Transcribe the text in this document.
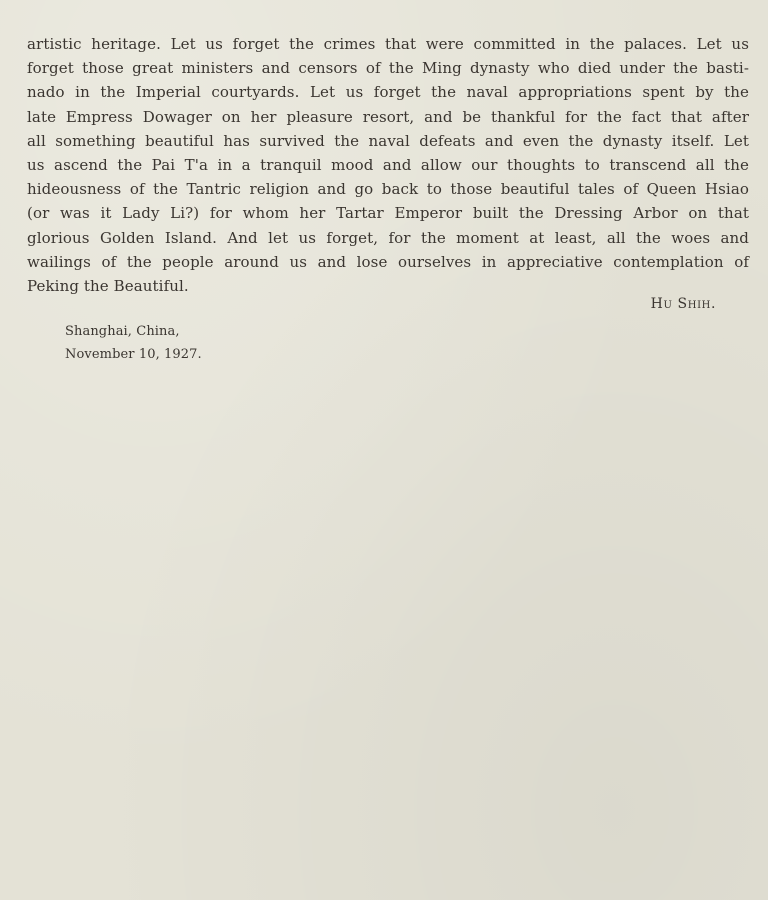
artistic heritage. Let us forget the crimes that were committed in the palaces. Let us
forget those great ministers and censors of the Ming dynasty who died under the basti-
nado in the Imperial courtyards. Let us forget the naval appropriations spent by the
late Empress Dowager on her pleasure resort, and be thankful for the fact that after
all something beautiful has survived the naval defeats and even the dynasty itself. Let
us ascend the Pai T'a in a tranquil mood and allow our thoughts to transcend all the
hideousness of the Tantric religion and go back to those beautiful tales of Queen Hsiao
(or was it Lady Li?) for whom her Tartar Emperor built the Dressing Arbor on that
glorious Golden Island. And let us forget, for the moment at least, all the woes and
wailings of the people around us and lose ourselves in appreciative contemplation of
Peking the Beautiful.

Hu Shih.

Shanghai, China,
November 10, 1927.
